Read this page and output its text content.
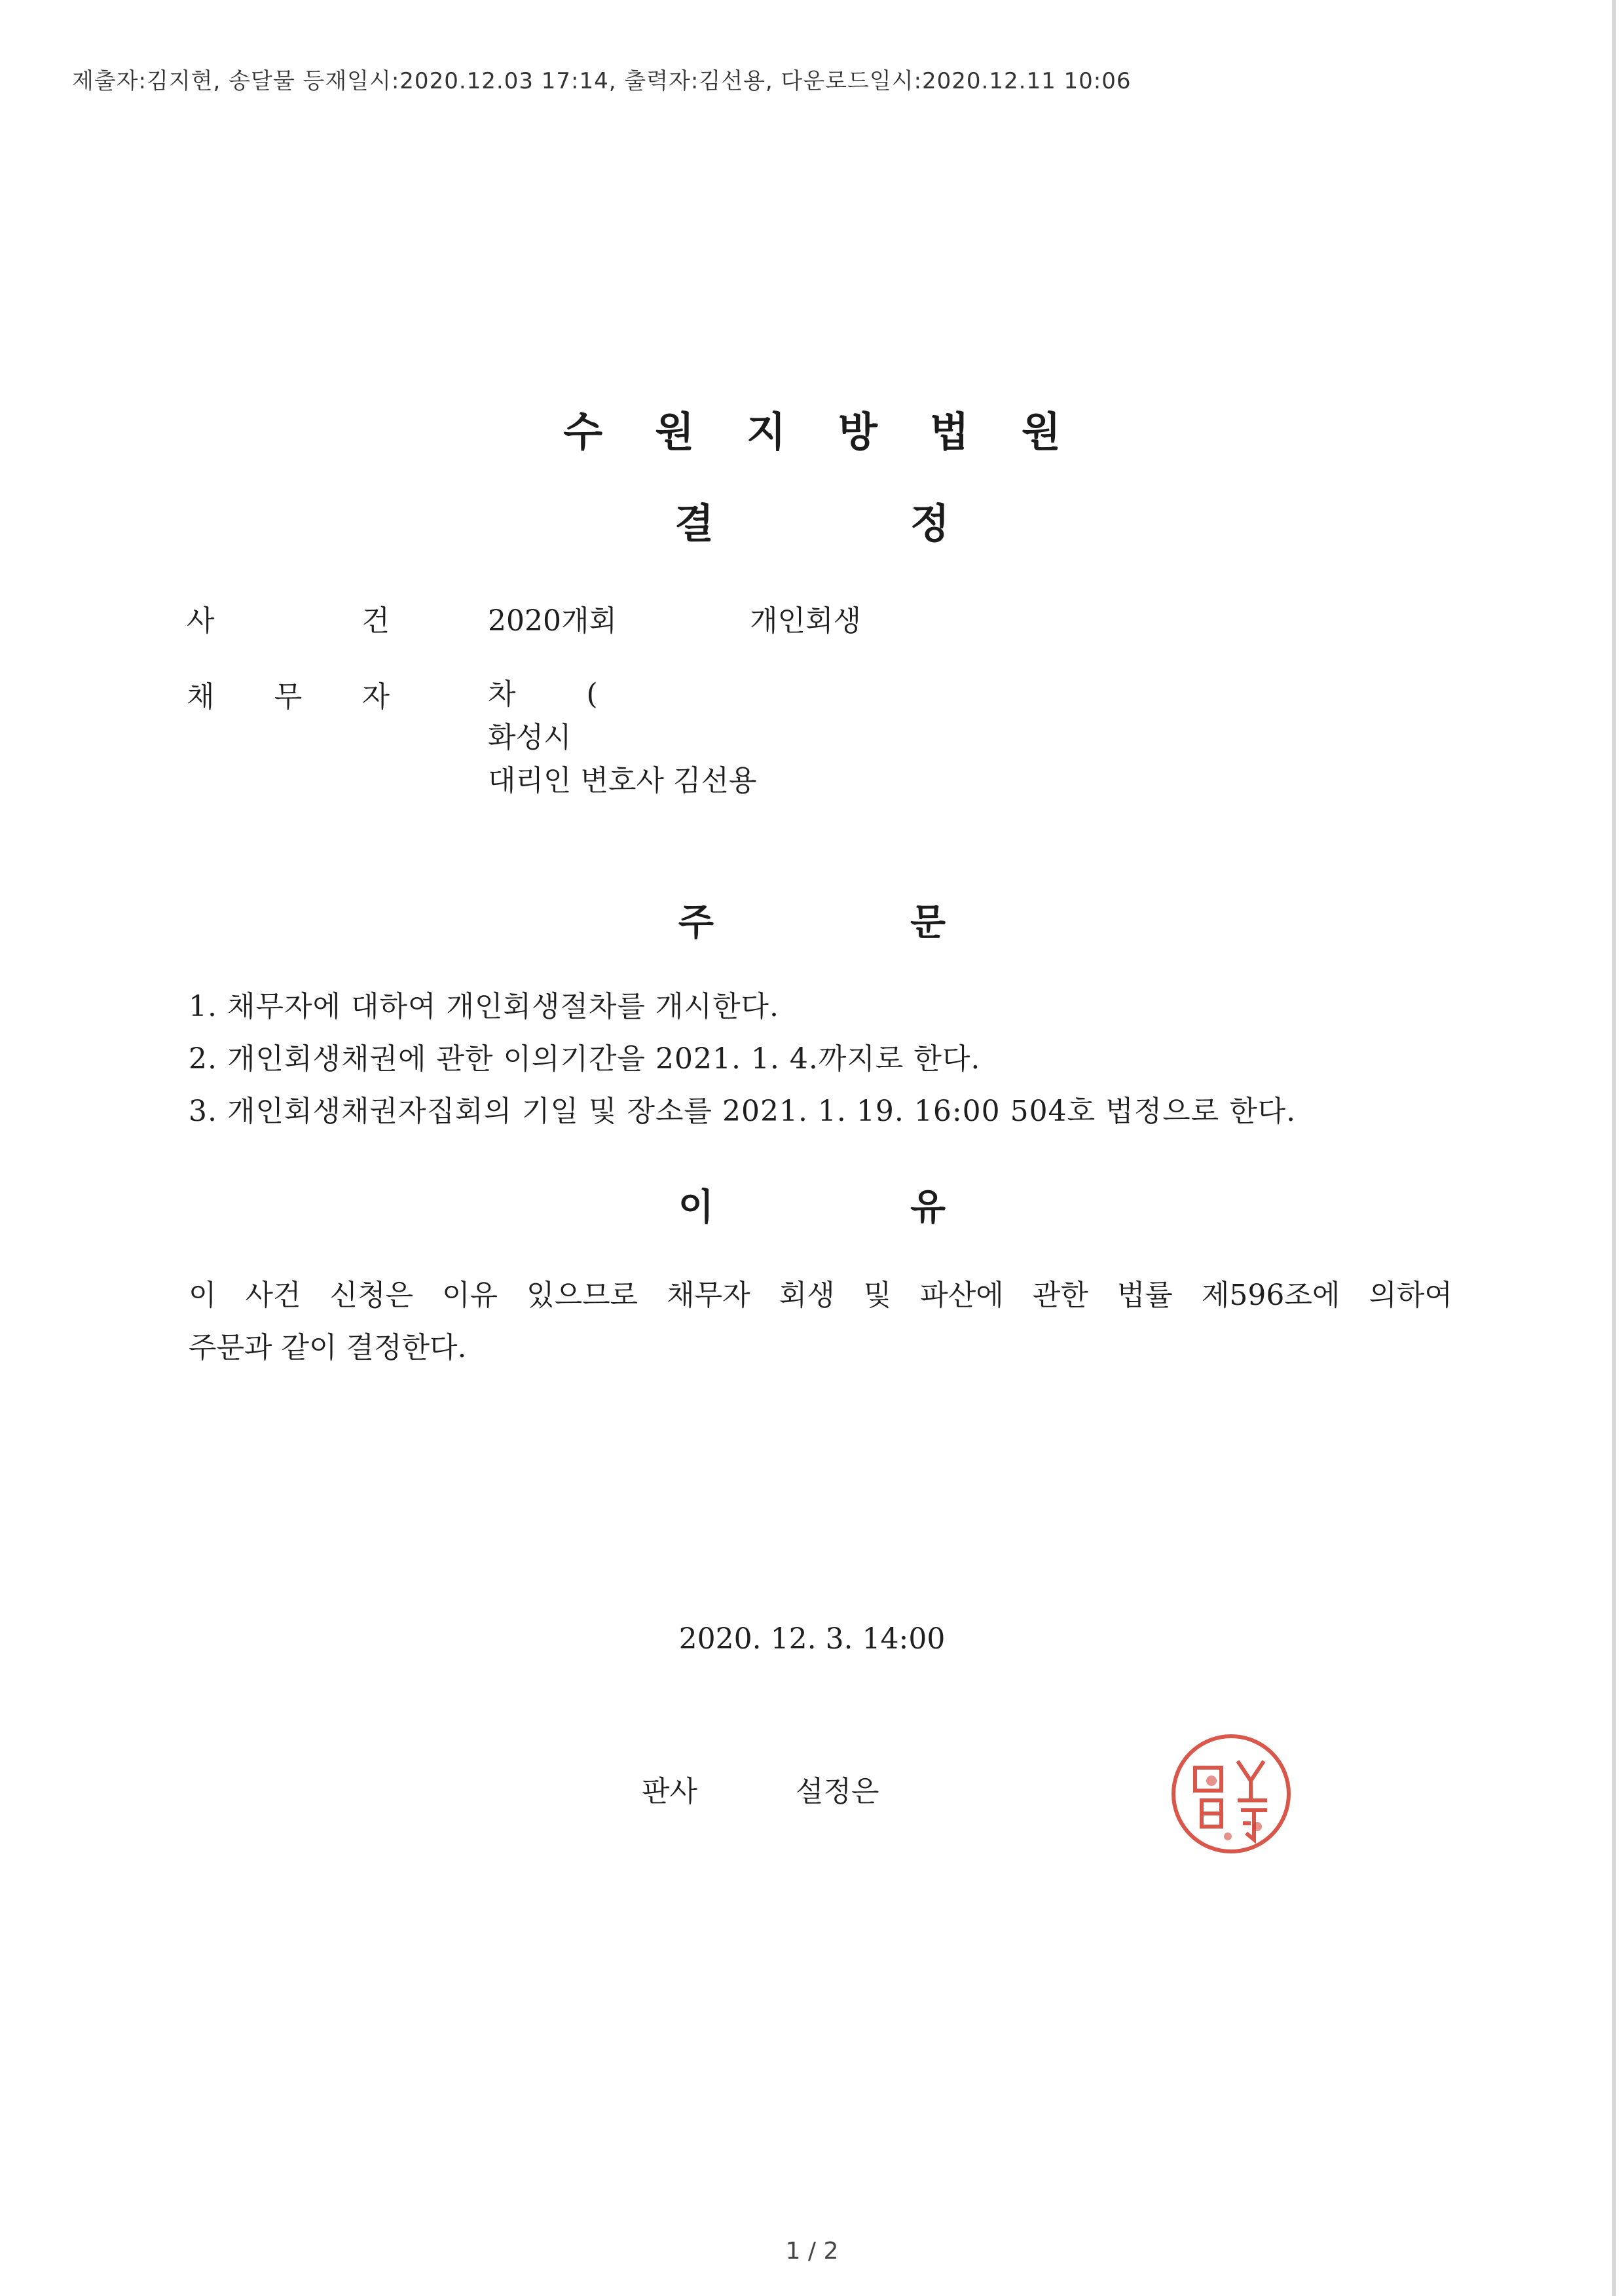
제출자:김지현, 송달물 등재일시:2020.12.03 17:14, 출력자:김선용, 다운로드일시:2020.12.11 10:06
수 원 지 방 법 원
결	정
사	건	2020개회	개인회생
채 무 자	차 (
화성시
대리인 변호사 김선용
주	문
1. 채무자에 대하여 개인회생절차를 개시한다.
2. 개인회생채권에 관한 이의기간을 2021. 1. 4.까지로 한다.
3. 개인회생채권자집회의 기일 및 장소를 2021. 1. 19. 16:00 504호 법정으로 한다.
이	유
이 사건 신청은 이유 있으므로 채무자 회생 및 파산에 관한 법률 제596조에 의하여
주문과 같이 결정한다.
2020. 12. 3. 14:00
판사	설정은
1 / 2
